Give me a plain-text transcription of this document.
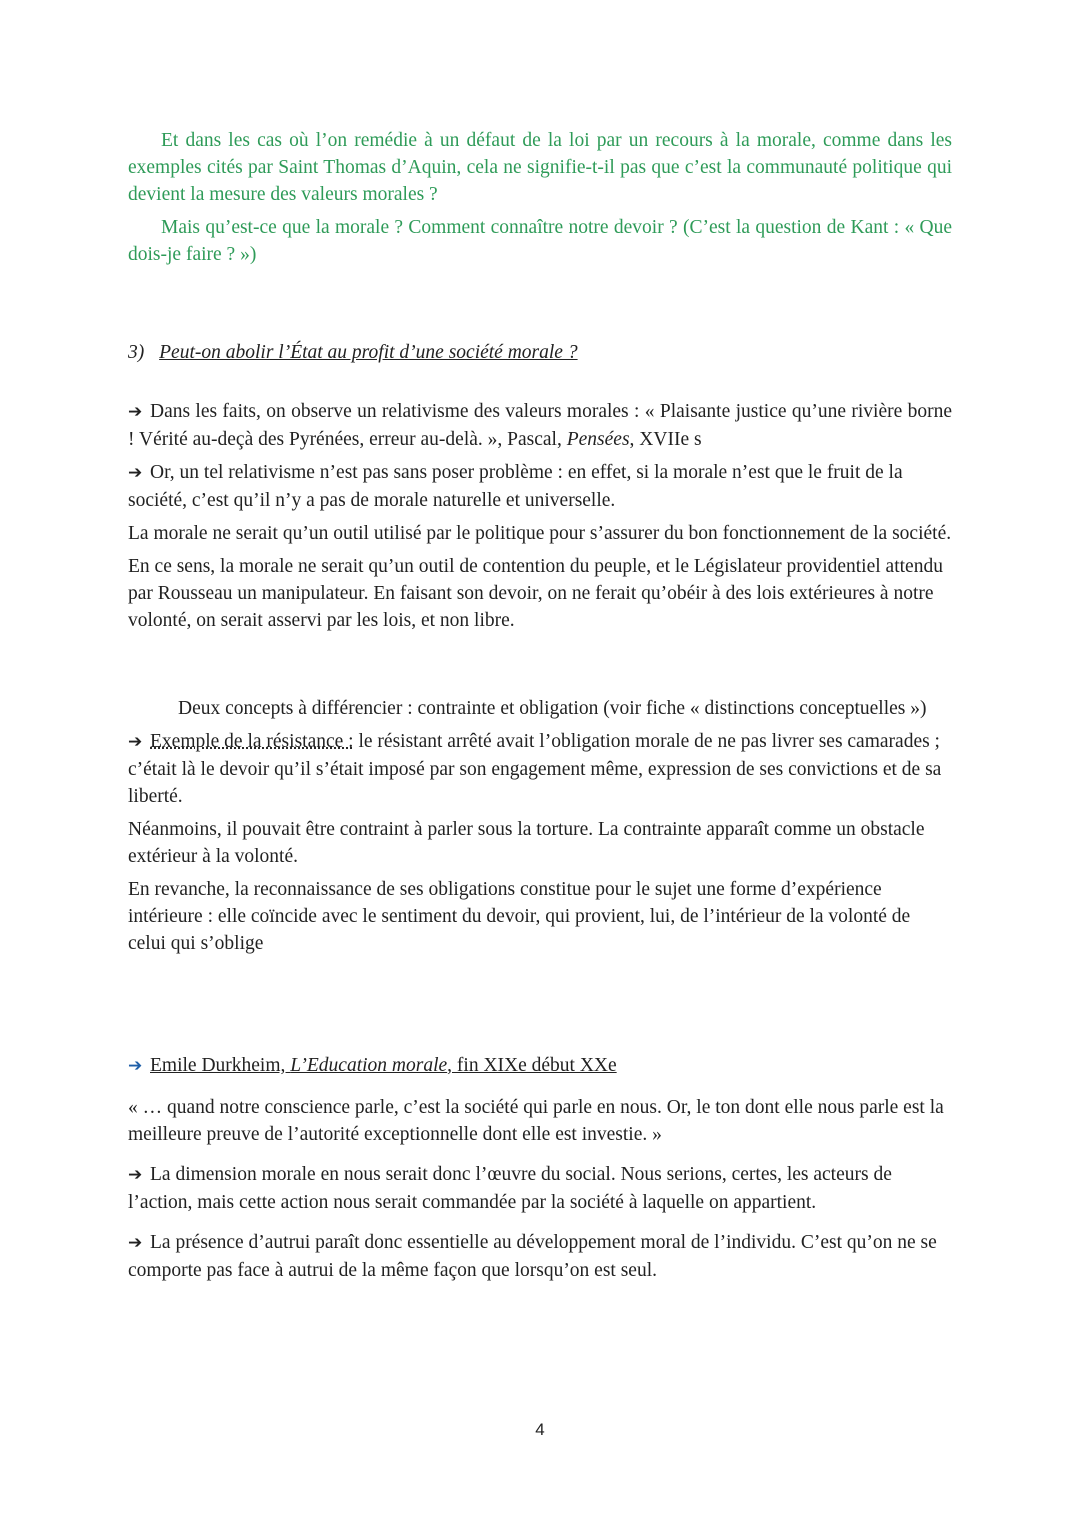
Et dans les cas où l’on remédie à un défaut de la loi par un recours à la morale, comme dans les exemples cités par Saint Thomas d’Aquin, cela ne signifie-t-il pas que c’est la communauté politique qui devient la mesure des valeurs morales ?

Mais qu’est-ce que la morale ? Comment connaître notre devoir ? (C’est la question de Kant : « Que dois-je faire ? »)

3) Peut-on abolir l’État au profit d’une société morale ?

➔ Dans les faits, on observe un relativisme des valeurs morales : « Plaisante justice qu’une rivière borne ! Vérité au-deçà des Pyrénées, erreur au-delà. », Pascal, Pensées, XVIIe s

➔ Or, un tel relativisme n’est pas sans poser problème : en effet, si la morale n’est que le fruit de la société, c’est qu’il n’y a pas de morale naturelle et universelle.

La morale ne serait qu’un outil utilisé par le politique pour s’assurer du bon fonctionnement de la société.

En ce sens, la morale ne serait qu’un outil de contention du peuple, et le Législateur providentiel attendu par Rousseau un manipulateur. En faisant son devoir, on ne ferait qu’obéir à des lois extérieures à notre volonté, on serait asservi par les lois, et non libre.

Deux concepts à différencier : contrainte et obligation (voir fiche « distinctions conceptuelles »)

➔ Exemple de la résistance : le résistant arrêté avait l’obligation morale de ne pas livrer ses camarades ; c’était là le devoir qu’il s’était imposé par son engagement même, expression de ses convictions et de sa liberté.

Néanmoins, il pouvait être contraint à parler sous la torture. La contrainte apparaît comme un obstacle extérieur à la volonté.

En revanche, la reconnaissance de ses obligations constitue pour le sujet une forme d’expérience intérieure : elle coïncide avec le sentiment du devoir, qui provient, lui, de l’intérieur de la volonté de celui qui s’oblige

➔ Emile Durkheim, L’Education morale, fin XIXe début XXe

« … quand notre conscience parle, c’est la société qui parle en nous. Or, le ton dont elle nous parle est la meilleure preuve de l’autorité exceptionnelle dont elle est investie. »

➔ La dimension morale en nous serait donc l’œuvre du social. Nous serions, certes, les acteurs de l’action, mais cette action nous serait commandée par la société à laquelle on appartient.

➔ La présence d’autrui paraît donc essentielle au développement moral de l’individu. C’est qu’on ne se comporte pas face à autrui de la même façon que lorsqu’on est seul.

4
